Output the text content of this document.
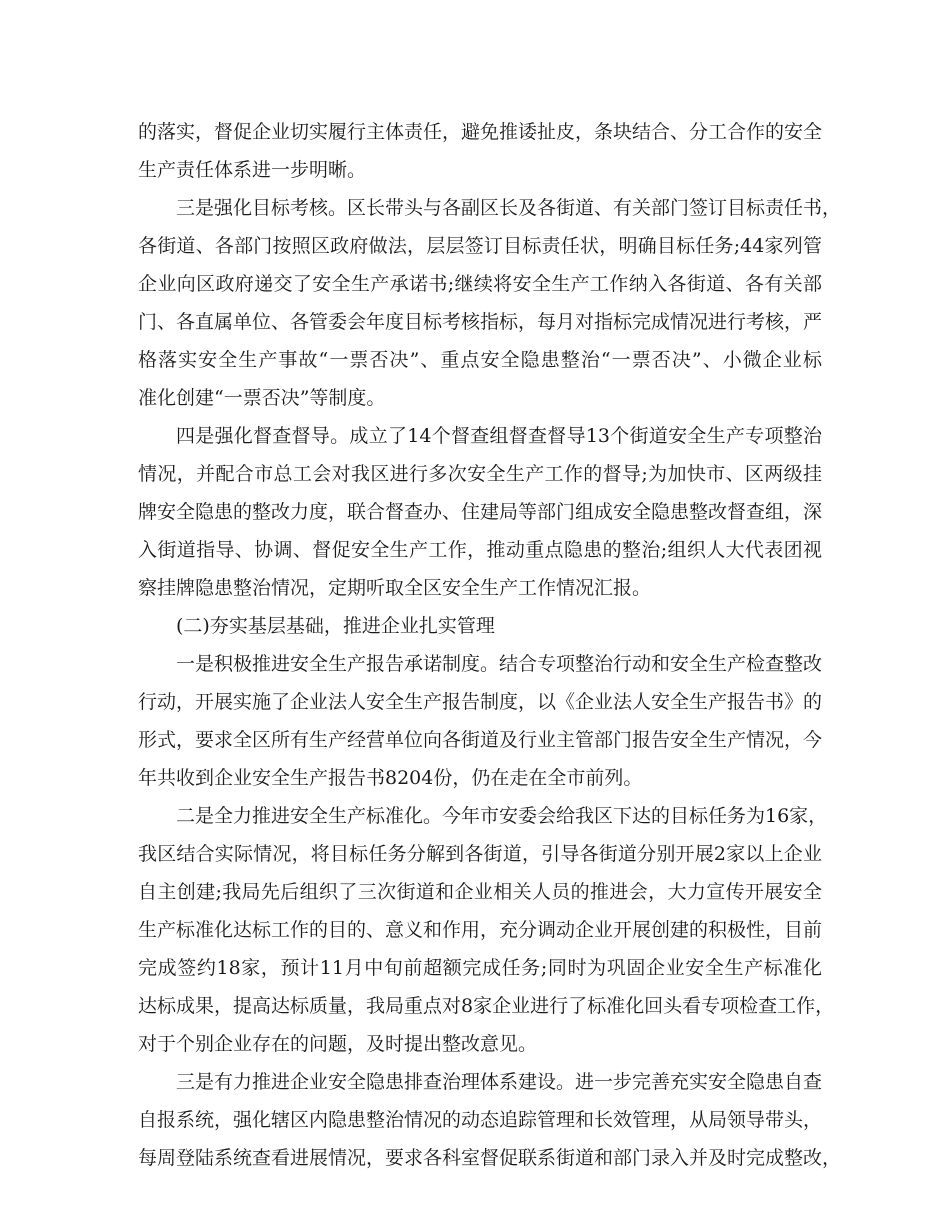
的落实，督促企业切实履行主体责任，避免推诿扯皮，条块结合、分工合作的安全
生产责任体系进一步明晰。
三是强化目标考核。区长带头与各副区长及各街道、有关部门签订目标责任书，
各街道、各部门按照区政府做法，层层签订目标责任状，明确目标任务;44家列管
企业向区政府递交了安全生产承诺书;继续将安全生产工作纳入各街道、各有关部
门、各直属单位、各管委会年度目标考核指标，每月对指标完成情况进行考核，严
格落实安全生产事故“一票否决”、重点安全隐患整治“一票否决”、小微企业标
准化创建“一票否决”等制度。
四是强化督查督导。成立了14个督查组督查督导13个街道安全生产专项整治
情况，并配合市总工会对我区进行多次安全生产工作的督导;为加快市、区两级挂
牌安全隐患的整改力度，联合督查办、住建局等部门组成安全隐患整改督查组，深
入街道指导、协调、督促安全生产工作，推动重点隐患的整治;组织人大代表团视
察挂牌隐患整治情况，定期听取全区安全生产工作情况汇报。
(二)夯实基层基础，推进企业扎实管理
一是积极推进安全生产报告承诺制度。结合专项整治行动和安全生产检查整改
行动，开展实施了企业法人安全生产报告制度，以《企业法人安全生产报告书》的
形式，要求全区所有生产经营单位向各街道及行业主管部门报告安全生产情况，今
年共收到企业安全生产报告书8204份，仍在走在全市前列。
二是全力推进安全生产标准化。今年市安委会给我区下达的目标任务为16家，
我区结合实际情况，将目标任务分解到各街道，引导各街道分别开展2家以上企业
自主创建;我局先后组织了三次街道和企业相关人员的推进会，大力宣传开展安全
生产标准化达标工作的目的、意义和作用，充分调动企业开展创建的积极性，目前
完成签约18家，预计11月中旬前超额完成任务;同时为巩固企业安全生产标准化
达标成果，提高达标质量，我局重点对8家企业进行了标准化回头看专项检查工作，
对于个别企业存在的问题，及时提出整改意见。
三是有力推进企业安全隐患排查治理体系建设。进一步完善充实安全隐患自查
自报系统，强化辖区内隐患整治情况的动态追踪管理和长效管理，从局领导带头，
每周登陆系统查看进展情况，要求各科室督促联系街道和部门录入并及时完成整改，
